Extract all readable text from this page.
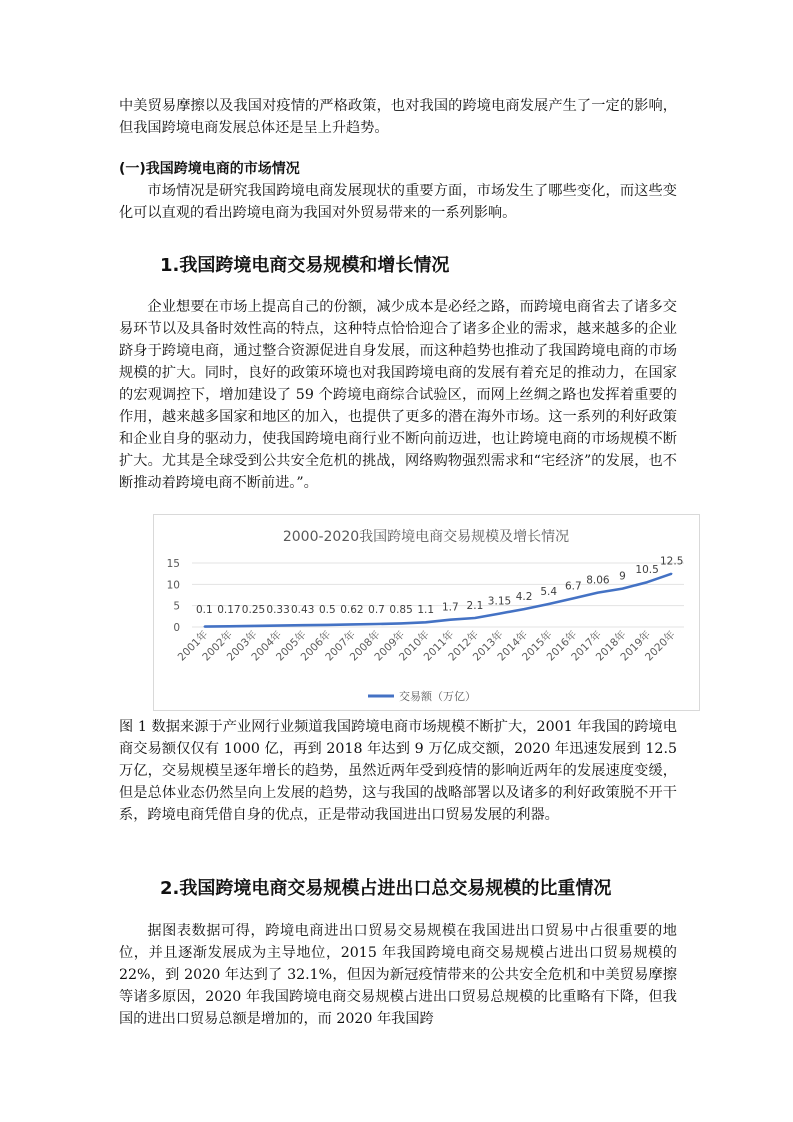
中美贸易摩擦以及我国对疫情的严格政策，也对我国的跨境电商发展产生了一定的影响，但我国跨境电商发展总体还是呈上升趋势。

(一)我国跨境电商的市场情况

市场情况是研究我国跨境电商发展现状的重要方面，市场发生了哪些变化，而这些变化可以直观的看出跨境电商为我国对外贸易带来的一系列影响。

1.我国跨境电商交易规模和增长情况

企业想要在市场上提高自己的份额，减少成本是必经之路，而跨境电商省去了诸多交易环节以及具备时效性高的特点，这种特点恰恰迎合了诸多企业的需求，越来越多的企业跻身于跨境电商，通过整合资源促进自身发展，而这种趋势也推动了我国跨境电商的市场规模的扩大。同时，良好的政策环境也对我国跨境电商的发展有着充足的推动力，在国家的宏观调控下，增加建设了 59 个跨境电商综合试验区，而网上丝绸之路也发挥着重要的作用，越来越多国家和地区的加入，也提供了更多的潜在海外市场。这一系列的利好政策和企业自身的驱动力，使我国跨境电商行业不断向前迈进，也让跨境电商的市场规模不断扩大。尤其是全球受到公共安全危机的挑战，网络购物强烈需求和“宅经济”的发展，也不断推动着跨境电商不断前进。”。

2000-2020我国跨境电商交易规模及增长情况
0
5
10
15
2001年
2002年
2003年
2004年
2005年
2006年
2007年
2008年
2009年
2010年
2011年
2012年
2013年
2014年
2015年
2016年
2017年
2018年
2019年
2020年
0.1 0.17 0.25 0.33 0.43 0.5 0.62 0.7 0.85 1.1 1.7 2.1 3.15 4.2 5.4 6.7 8.06 9
10.5
12.5
交易额（万亿）

图 1 数据来源于产业网行业频道我国跨境电商市场规模不断扩大，2001 年我国的跨境电商交易额仅仅有 1000 亿，再到 2018 年达到 9 万亿成交额，2020 年迅速发展到 12.5 万亿，交易规模呈逐年增长的趋势，虽然近两年受到疫情的影响近两年的发展速度变缓，但是总体业态仍然呈向上发展的趋势，这与我国的战略部署以及诸多的利好政策脱不开干系，跨境电商凭借自身的优点，正是带动我国进出口贸易发展的利器。

2.我国跨境电商交易规模占进出口总交易规模的比重情况

据图表数据可得，跨境电商进出口贸易交易规模在我国进出口贸易中占很重要的地位，并且逐渐发展成为主导地位，2015 年我国跨境电商交易规模占进出口贸易规模的 22%，到 2020 年达到了 32.1%，但因为新冠疫情带来的公共安全危机和中美贸易摩擦等诸多原因，2020 年我国跨境电商交易规模占进出口贸易总规模的比重略有下降，但我国的进出口贸易总额是增加的，而 2020 年我国跨
